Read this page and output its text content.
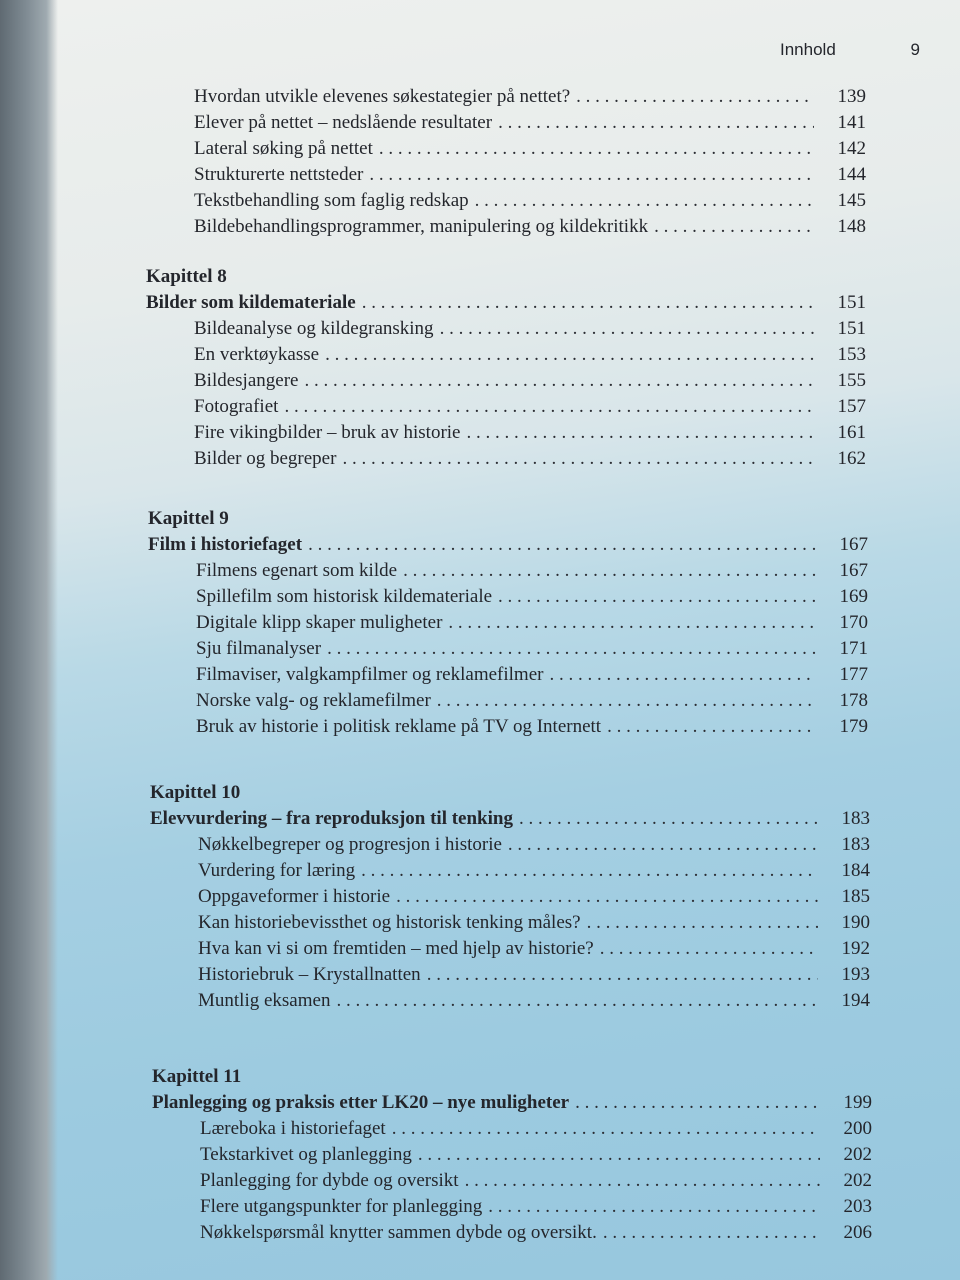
Innhold	9
Hvordan utvikle elevenes søkestategier på nettet? . . .	139
Elever på nettet – nedslående resultater . . .	141
Lateral søking på nettet . . .	142
Strukturerte nettsteder . . .	144
Tekstbehandling som faglig redskap . . .	145
Bildebehandlingsprogrammer, manipulering og kildekritikk . . .	148
Kapittel 8
Bilder som kildemateriale . . .	151
Bildeanalyse og kildegransking . . .	151
En verktøykasse . . .	153
Bildesjangere . . .	155
Fotografiet . . .	157
Fire vikingbilder – bruk av historie . . .	161
Bilder og begreper . . .	162
Kapittel 9
Film i historiefaget . . .	167
Filmens egenart som kilde . . .	167
Spillefilm som historisk kildemateriale . . .	169
Digitale klipp skaper muligheter . . .	170
Sju filmanalyser . . .	171
Filmaviser, valgkampfilmer og reklamefilmer . . .	177
Norske valg- og reklamefilmer . . .	178
Bruk av historie i politisk reklame på TV og Internett . . .	179
Kapittel 10
Elevvurdering – fra reproduksjon til tenking . . .	183
Nøkkelbegreper og progresjon i historie . . .	183
Vurdering for læring . . .	184
Oppgaveformer i historie . . .	185
Kan historiebevissthet og historisk tenking måles? . . .	190
Hva kan vi si om fremtiden – med hjelp av historie? . . .	192
Historiebruk – Krystallnatten . . .	193
Muntlig eksamen . . .	194
Kapittel 11
Planlegging og praksis etter LK20 – nye muligheter . . .	199
Læreboka i historiefaget . . .	200
Tekstarkivet og planlegging . . .	202
Planlegging for dybde og oversikt . . .	202
Flere utgangspunkter for planlegging . . .	203
Nøkkelspørsmål knytter sammen dybde og oversikt. . . .	206
